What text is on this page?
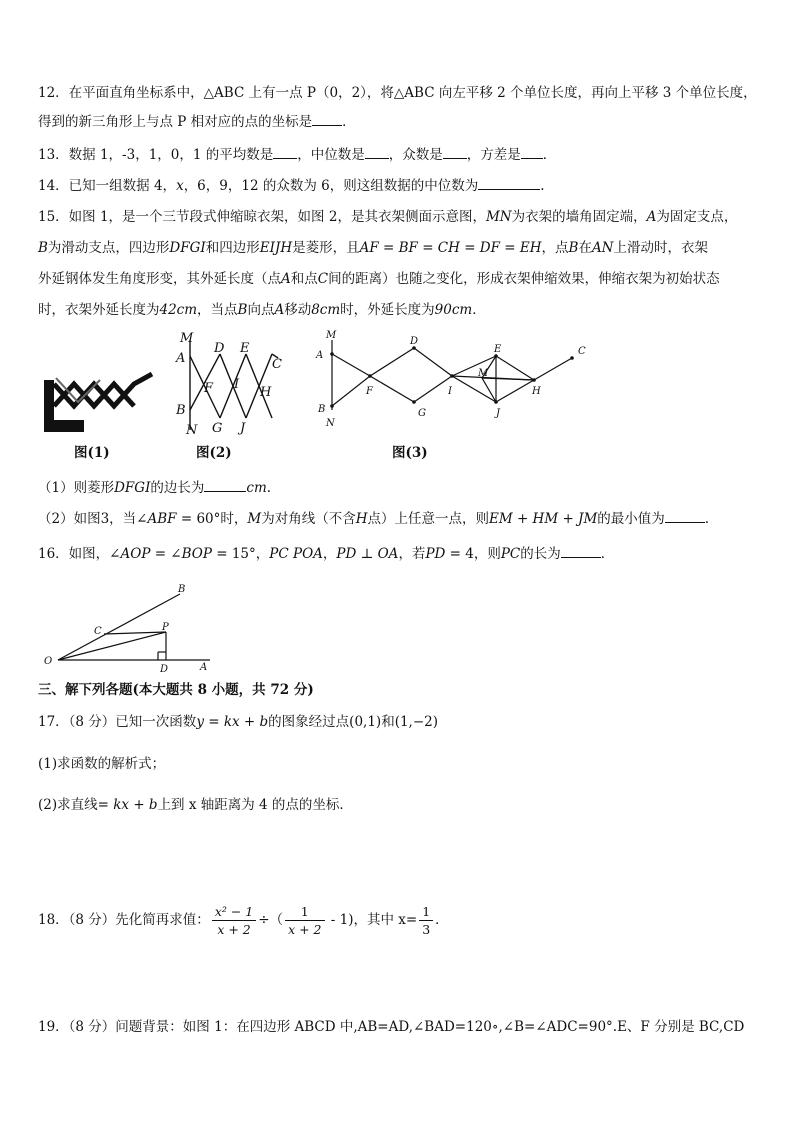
12．在平面直角坐标系中，△ABC 上有一点 P（0，2），将△ABC 向左平移 2 个单位长度，再向上平移 3 个单位长度，
得到的新三角形上与点 P 相对应的点的坐标是 ．
13．数据 1，-3，1，0，1 的平均数是 ，中位数是 ，众数是 ，方差是 ．
14．已知一组数据 4，x，6，9，12 的众数为 6，则这组数据的中位数为	.
15．如图 1，是一个三节段式伸缩晾衣架，如图 2，是其衣架侧面示意图，MN为衣架的墙角固定端，A为固定支点，
B为滑动支点，四边形DFGI和四边形EIJH是菱形，且AF = BF = CH = DF = EH，点B在AN上滑动时，衣架
外延钢体发生角度形变，其外延长度（点A和点C间的距离）也随之变化，形成衣架伸缩效果，伸缩衣架为初始状态
时，衣架外延长度为42cm，当点B向点A移动8cm时，外延长度为90cm．
图(1)
M
A
B
N
D E
C
F I
H
G J
图(2)
M
A
B
N
D
E	C
F	I	H
G	J
M
图(3)
（1）则菱形DFGI的边长为	cm.
（2）如图3，当∠ABF = 60°时，M为对角线（不含H点）上任意一点，则EM + HM + JM的最小值为	.
16．如图，∠AOP = ∠BOP = 15°，PC POA，PD ⊥ OA，若PD = 4，则PC的长为	．
B
C	P
O
D	A
三、解下列各题(本大题共 8 小题，共 72 分)
17．（8 分）已知一次函数y = kx + b的图象经过点(0,1)和(1,−2)
(1)求函数的解析式；
(2)求直线= kx + b上到 x 轴距离为 4 的点的坐标．
18．（8 分）先化简再求值： $\frac{\text{x² − 1}}{x + 2}$ ÷（ $\frac{1}{x + 2} - 1$)，其中 $x= \frac{1}{3}$ ．
19．（8 分）问题背景：如图 1：在四边形 ABCD 中,AB=AD,∠BAD=120∘,∠B=∠ADC=90°.E、F 分别是 BC,CD
